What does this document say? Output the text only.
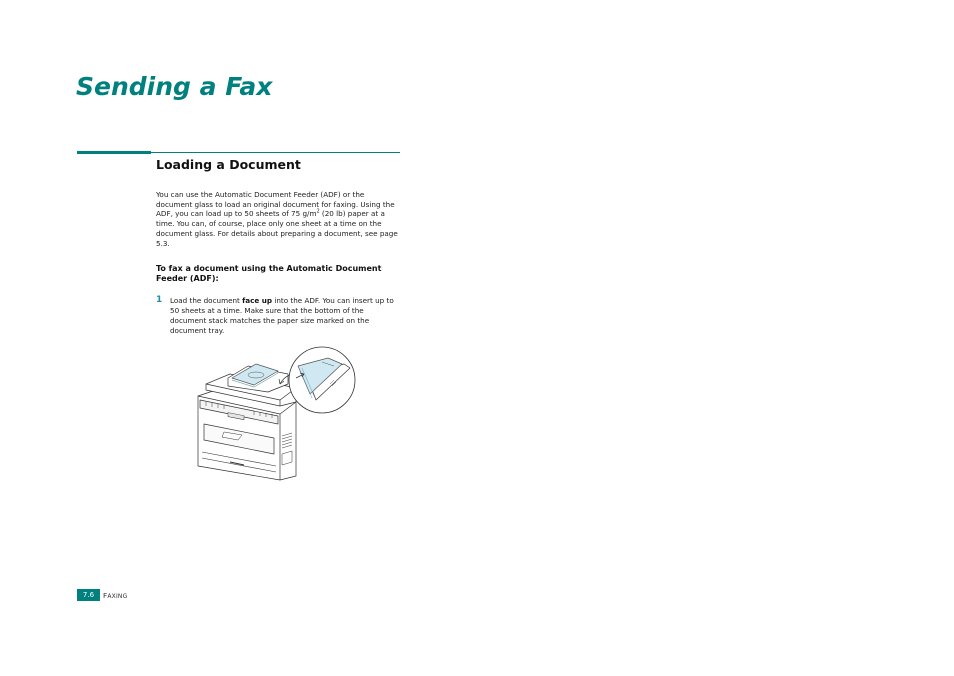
Sending a Fax
Loading a Document

You can use the Automatic Document Feeder (ADF) or the document glass to load an original document for faxing. Using the ADF, you can load up to 50 sheets of 75 $g/m^2$ (20 lb) paper at a time. You can, of course, place only one sheet at a time on the document glass. For details about preparing a document, see page 5.3.

To fax a document using the Automatic Document Feeder (ADF):

1 Load the document face up into the ADF. You can insert up to 50 sheets at a time. Make sure that the bottom of the document stack matches the paper size marked on the document tray.

7.6	FAXING
